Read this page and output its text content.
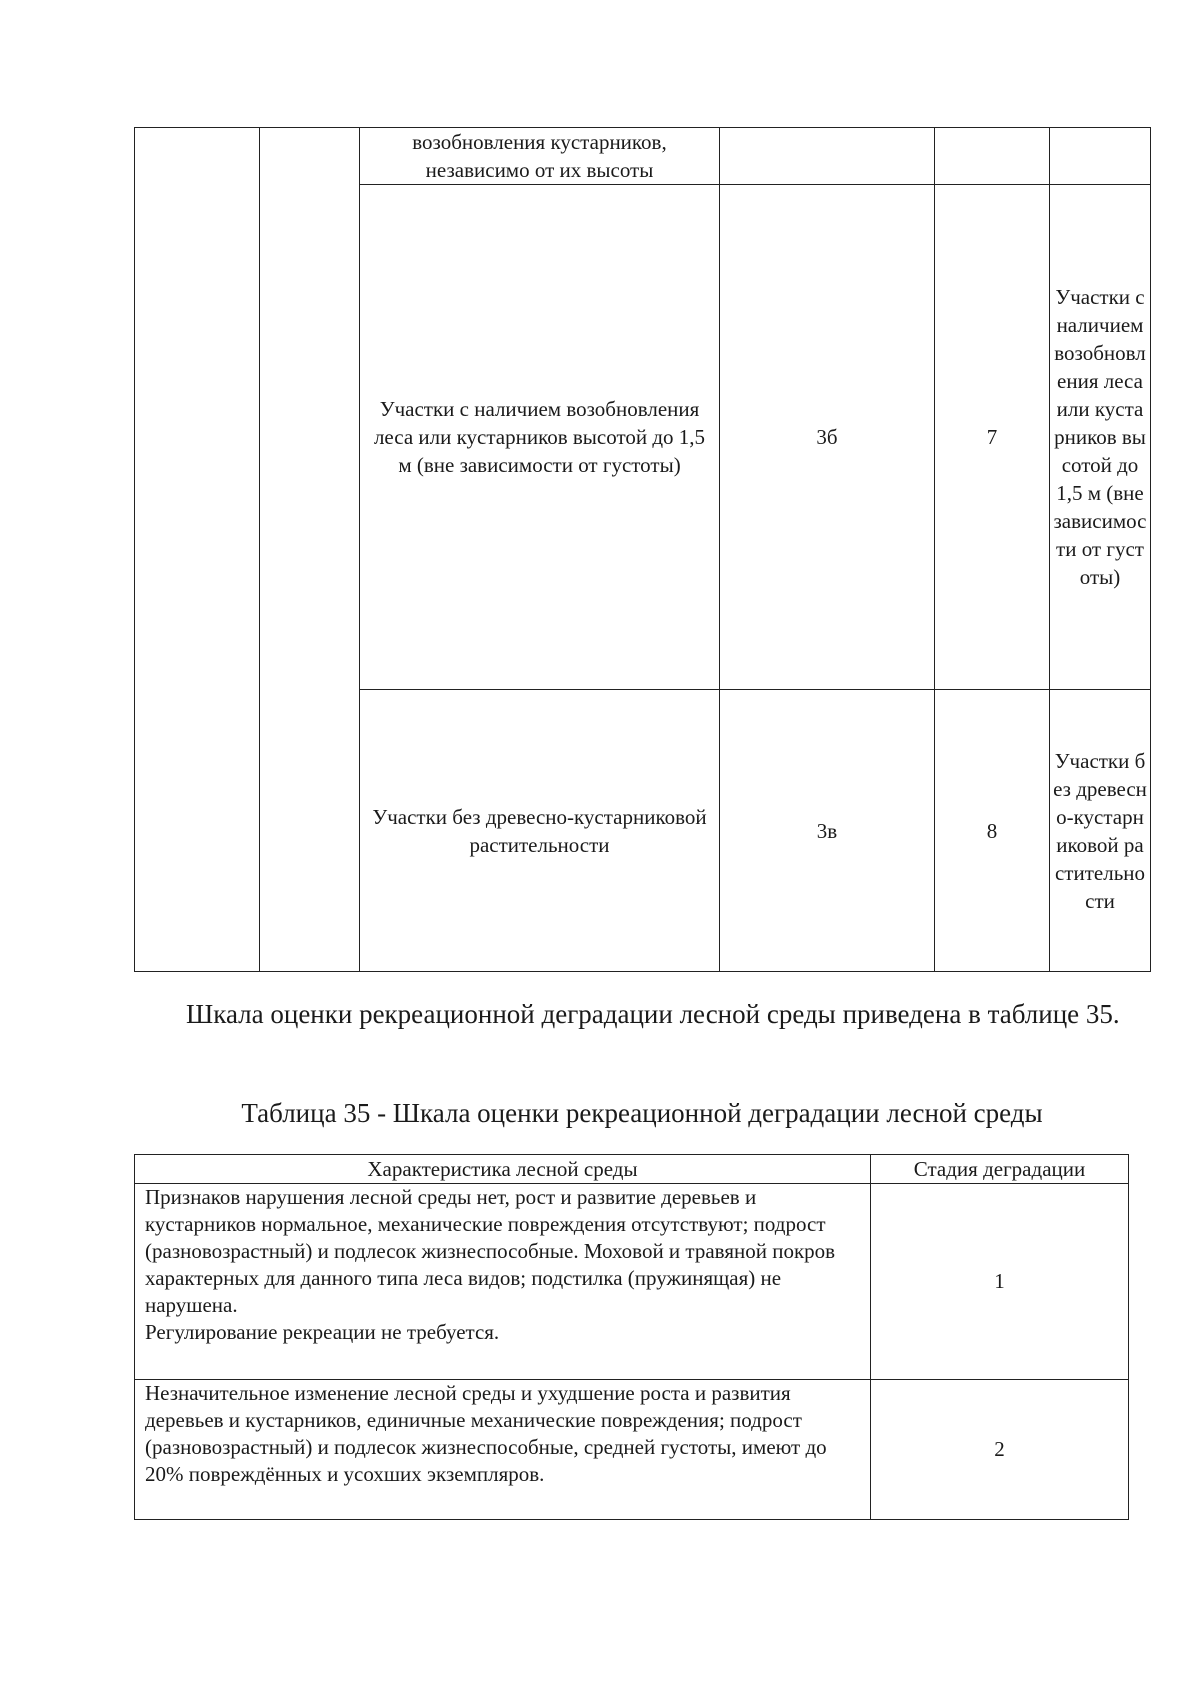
		возобновления кустарников, независимо от их высоты			
		Участки с наличием возобновления леса или кустарников высотой до 1,5 м (вне зависимости от густоты)	3б	7	Участки с наличием возобновления леса или кустарников высотой до 1,5 м (вне зависимости от густоты)
		Участки без древесно-кустарниковой растительности	3в	8	Участки без древесно-кустарниковой растительности

Шкала оценки рекреационной деградации лесной среды приведена в таблице 35.

Таблица 35 - Шкала оценки рекреационной деградации лесной среды

Характеристика лесной среды	Стадия деградации

Признаков нарушения лесной среды нет, рост и развитие деревьев и кустарников нормальное, механические повреждения отсутствуют; подрост (разновозрастный) и подлесок жизнеспособные. Моховой и травяной покров характерных для данного типа леса видов; подстилка (пружинящая) не нарушена.
Регулирование рекреации не требуется.	1

Незначительное изменение лесной среды и ухудшение роста и развития деревьев и кустарников, единичные механические повреждения; подрост (разновозрастный) и подлесок жизнеспособные, средней густоты, имеют до 20% повреждённых и усохших экземпляров.	2
